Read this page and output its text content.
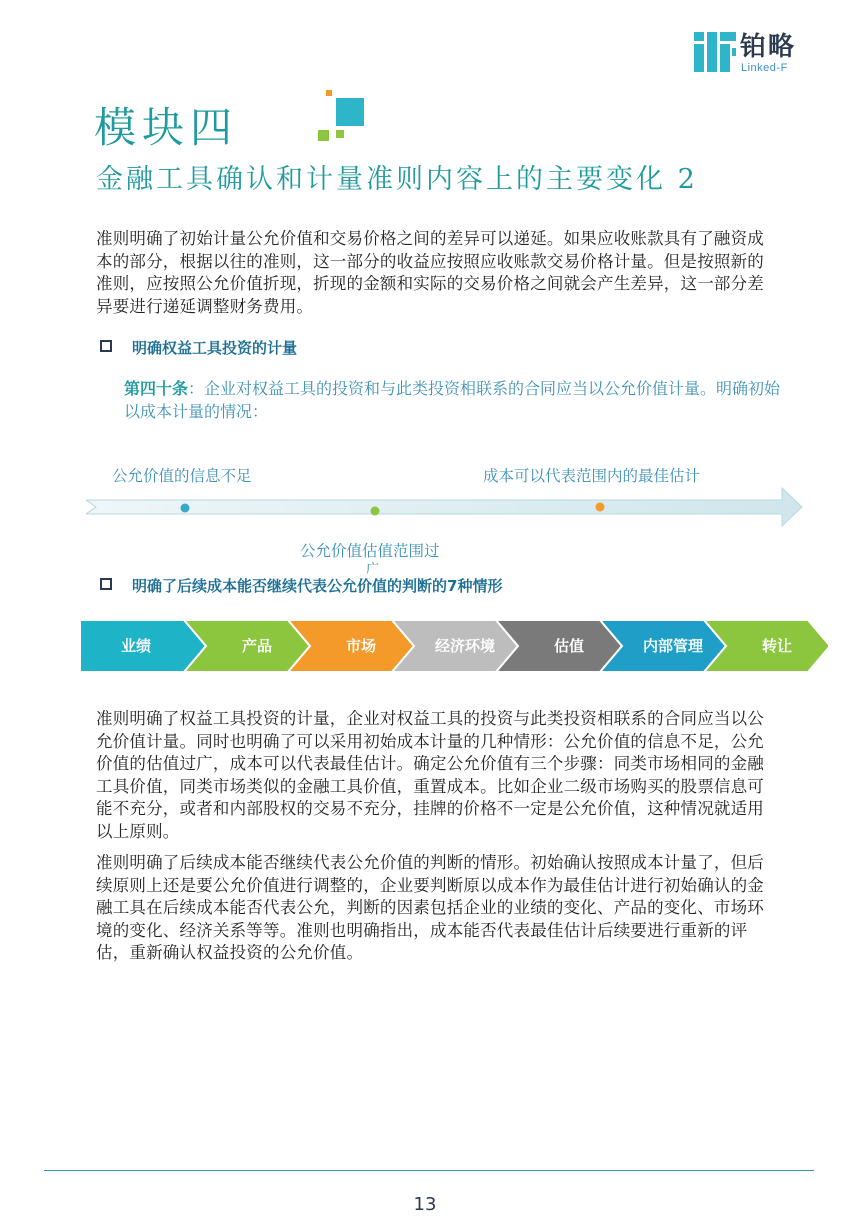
铂略
Linked-F
模块四
金融工具确认和计量准则内容上的主要变化 2
准则明确了初始计量公允价值和交易价格之间的差异可以递延。如果应收账款具有了融资成本的部分，根据以往的准则，这一部分的收益应按照应收账款交易价格计量。但是按照新的准则，应按照公允价值折现，折现的金额和实际的交易价格之间就会产生差异，这一部分差异要进行递延调整财务费用。
明确权益工具投资的计量
第四十条：企业对权益工具的投资和与此类投资相联系的合同应当以公允价值计量。明确初始以成本计量的情况：
公允价值的信息不足	成本可以代表范围内的最佳估计
公允价值估值范围过
广
明确了后续成本能否继续代表公允价值的判断的7种情形
业绩	产品	市场	经济环境	估值	内部管理	转让
准则明确了权益工具投资的计量，企业对权益工具的投资与此类投资相联系的合同应当以公允价值计量。同时也明确了可以采用初始成本计量的几种情形：公允价值的信息不足，公允价值的估值过广，成本可以代表最佳估计。确定公允价值有三个步骤：同类市场相同的金融工具价值，同类市场类似的金融工具价值，重置成本。比如企业二级市场购买的股票信息可能不充分，或者和内部股权的交易不充分，挂牌的价格不一定是公允价值，这种情况就适用以上原则。
准则明确了后续成本能否继续代表公允价值的判断的情形。初始确认按照成本计量了，但后续原则上还是要公允价值进行调整的，企业要判断原以成本作为最佳估计进行初始确认的金融工具在后续成本能否代表公允，判断的因素包括企业的业绩的变化、产品的变化、市场环境的变化、经济关系等等。准则也明确指出，成本能否代表最佳估计后续要进行重新的评估，重新确认权益投资的公允价值。
13
